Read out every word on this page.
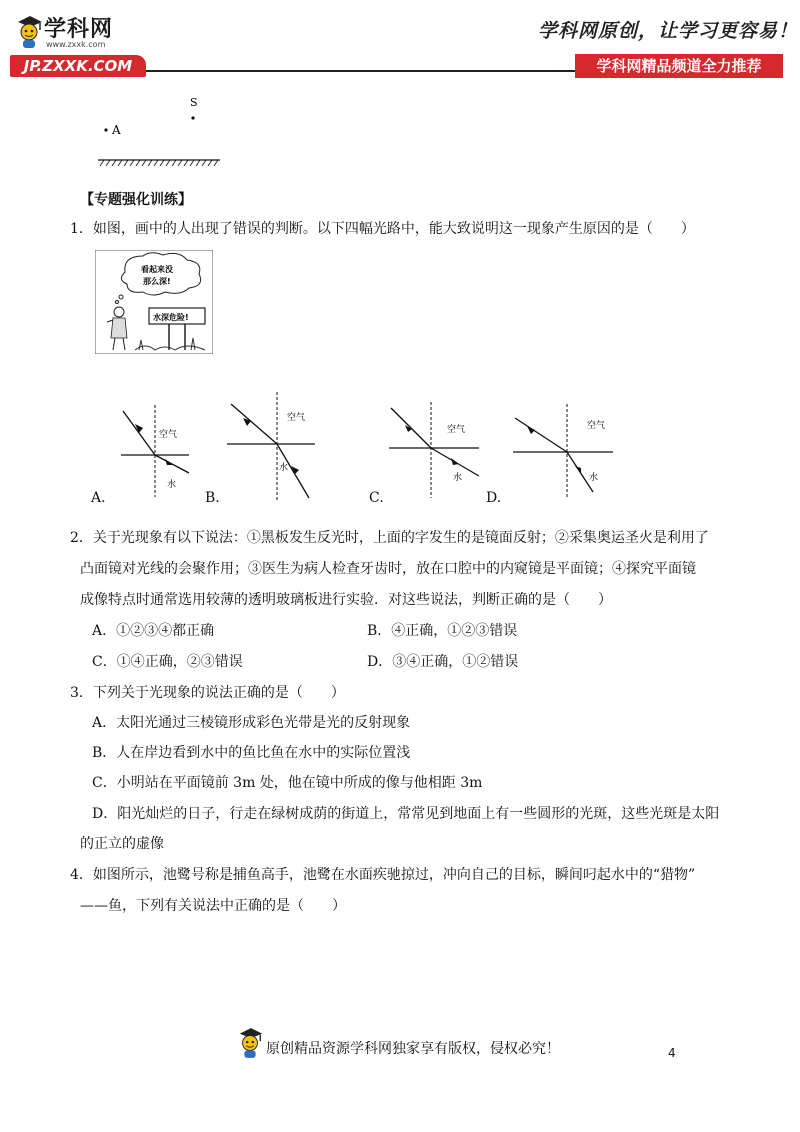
学科网
www.zxxk.com
JP.ZXXK.COM
学科网原创，让学习更容易！
学科网精品频道全力推荐
S
A
【专题强化训练】
1．如图，画中的人出现了错误的判断。以下四幅光路中，能大致说明这一现象产生原因的是（　　）
看起来没
那么深!
水深危险!
空气
水
A.
空气
水
B.
空气
水
C.
空气
水
D.
2．关于光现象有以下说法：①黑板发生反光时，上面的字发生的是镜面反射；②采集奥运圣火是利用了
凸面镜对光线的会聚作用；③医生为病人检查牙齿时，放在口腔中的内窥镜是平面镜；④探究平面镜
成像特点时通常选用较薄的透明玻璃板进行实验．对这些说法，判断正确的是（　　）
A．①②③④都正确	B．④正确，①②③错误
C．①④正确，②③错误	D．③④正确，①②错误
3．下列关于光现象的说法正确的是（　　）
A．太阳光通过三棱镜形成彩色光带是光的反射现象
B．人在岸边看到水中的鱼比鱼在水中的实际位置浅
C．小明站在平面镜前 3m 处，他在镜中所成的像与他相距 3m
D．阳光灿烂的日子，行走在绿树成荫的街道上，常常见到地面上有一些圆形的光斑，这些光斑是太阳
的正立的虚像
4．如图所示，池鹭号称是捕鱼高手，池鹭在水面疾驰掠过，冲向自己的目标，瞬间叼起水中的“猎物”
——鱼，下列有关说法中正确的是（　　）
原创精品资源学科网独家享有版权，侵权必究！	4
